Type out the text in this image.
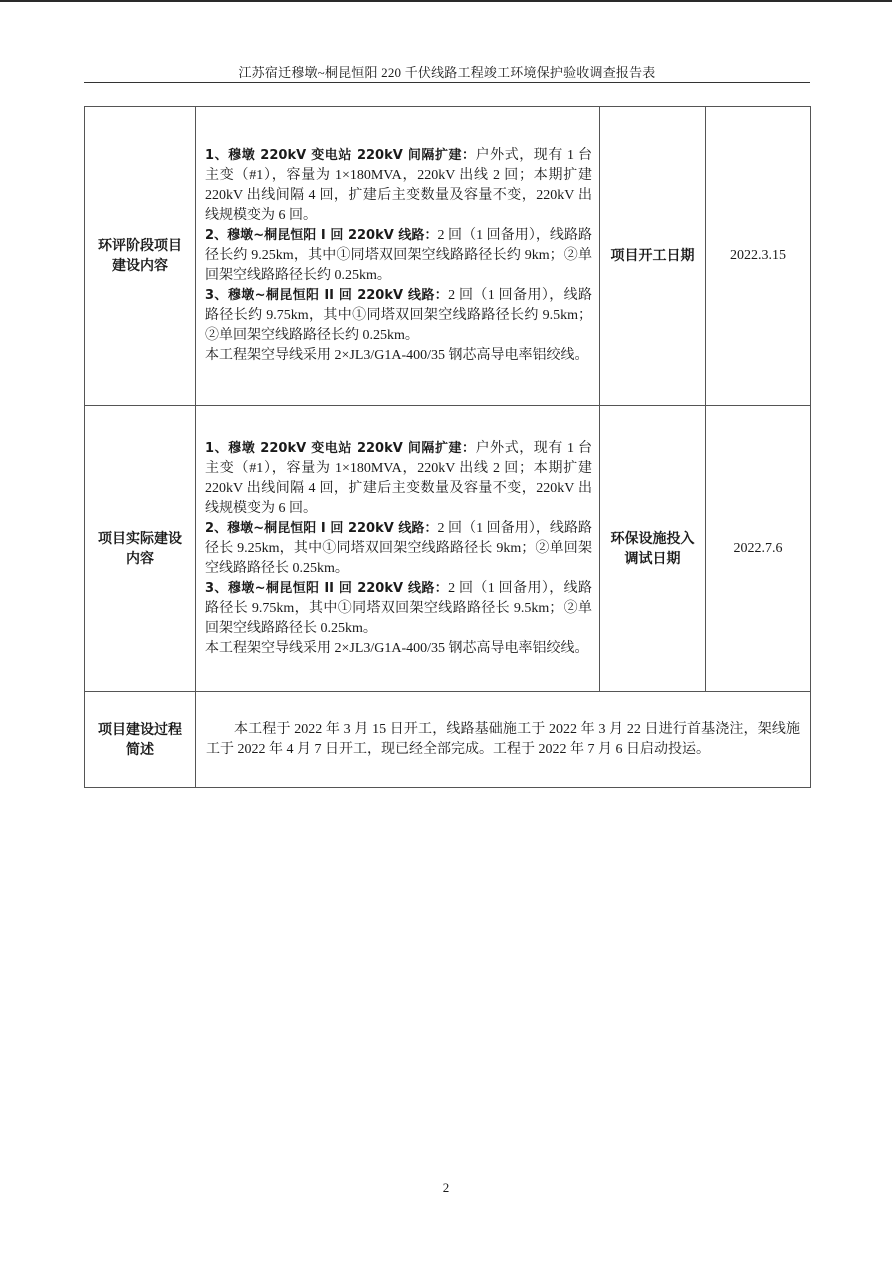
江苏宿迁穆墩~桐昆恒阳 220 千伏线路工程竣工环境保护验收调查报告表
环评阶段项目建设内容	1、穆墩 220kV 变电站 220kV 间隔扩建：户外式，现有 1 台主变（#1），容量为 1×180MVA，220kV 出线 2 回；本期扩建 220kV 出线间隔 4 回，扩建后主变数量及容量不变，220kV 出线规模变为 6 回。

2、穆墩~桐昆恒阳 I 回 220kV 线路：2 回（1 回备用），线路路径长约 9.25km，其中①同塔双回架空线路路径长约 9km；②单回架空线路路径长约 0.25km。

3、穆墩~桐昆恒阳 II 回 220kV 线路：2 回（1 回备用），线路路径长约 9.75km，其中①同塔双回架空线路路径长约 9.5km；②单回架空线路路径长约 0.25km。

本工程架空导线采用 2×JL3/G1A-400/35 钢芯高导电率铝绞线。	项目开工日期	2022.3.15
项目实际建设内容	1、穆墩 220kV 变电站 220kV 间隔扩建：户外式，现有 1 台主变（#1），容量为 1×180MVA，220kV 出线 2 回；本期扩建 220kV 出线间隔 4 回，扩建后主变数量及容量不变，220kV 出线规模变为 6 回。

2、穆墩~桐昆恒阳 I 回 220kV 线路：2 回（1 回备用），线路路径长 9.25km，其中①同塔双回架空线路路径长 9km；②单回架空线路路径长 0.25km。

3、穆墩~桐昆恒阳 II 回 220kV 线路：2 回（1 回备用），线路路径长 9.75km，其中①同塔双回架空线路路径长 9.5km；②单回架空线路路径长 0.25km。

本工程架空导线采用 2×JL3/G1A-400/35 钢芯高导电率铝绞线。	环保设施投入调试日期	2022.7.6
项目建设过程简述	本工程于 2022 年 3 月 15 日开工，线路基础施工于 2022 年 3 月 22 日进行首基浇注，架线施工于 2022 年 4 月 7 日开工，现已经全部完成。工程于 2022 年 7 月 6 日启动投运。		
2
